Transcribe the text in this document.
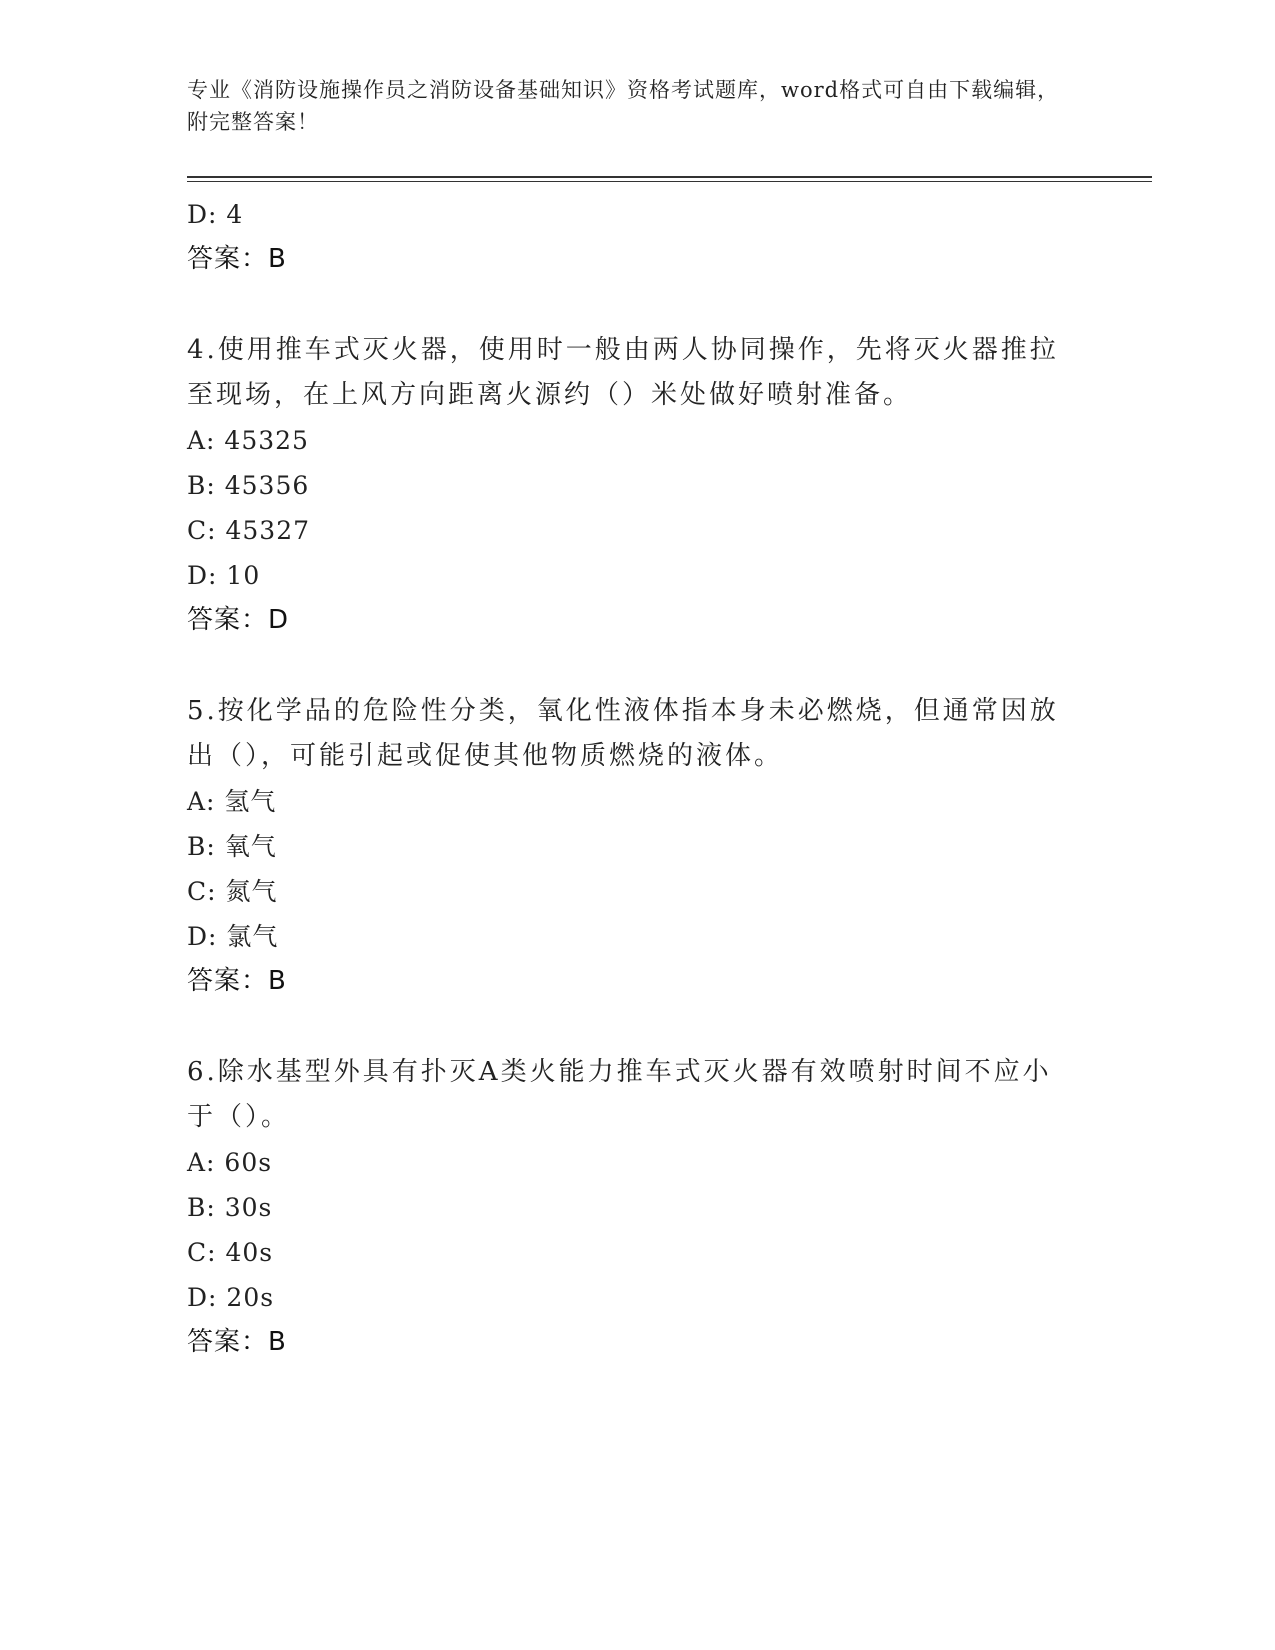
专业《消防设施操作员之消防设备基础知识》资格考试题库，word格式可自由下载编辑，附完整答案！
D: 4
答案：B
4.使用推车式灭火器，使用时一般由两人协同操作，先将灭火器推拉至现场，在上风方向距离火源约（）米处做好喷射准备。
A: 45325
B: 45356
C: 45327
D: 10
答案：D
5.按化学品的危险性分类，氧化性液体指本身未必燃烧，但通常因放出（），可能引起或促使其他物质燃烧的液体。
A: 氢气
B: 氧气
C: 氮气
D: 氯气
答案：B
6.除水基型外具有扑灭A类火能力推车式灭火器有效喷射时间不应小于（）。
A: 60s
B: 30s
C: 40s
D: 20s
答案：B
